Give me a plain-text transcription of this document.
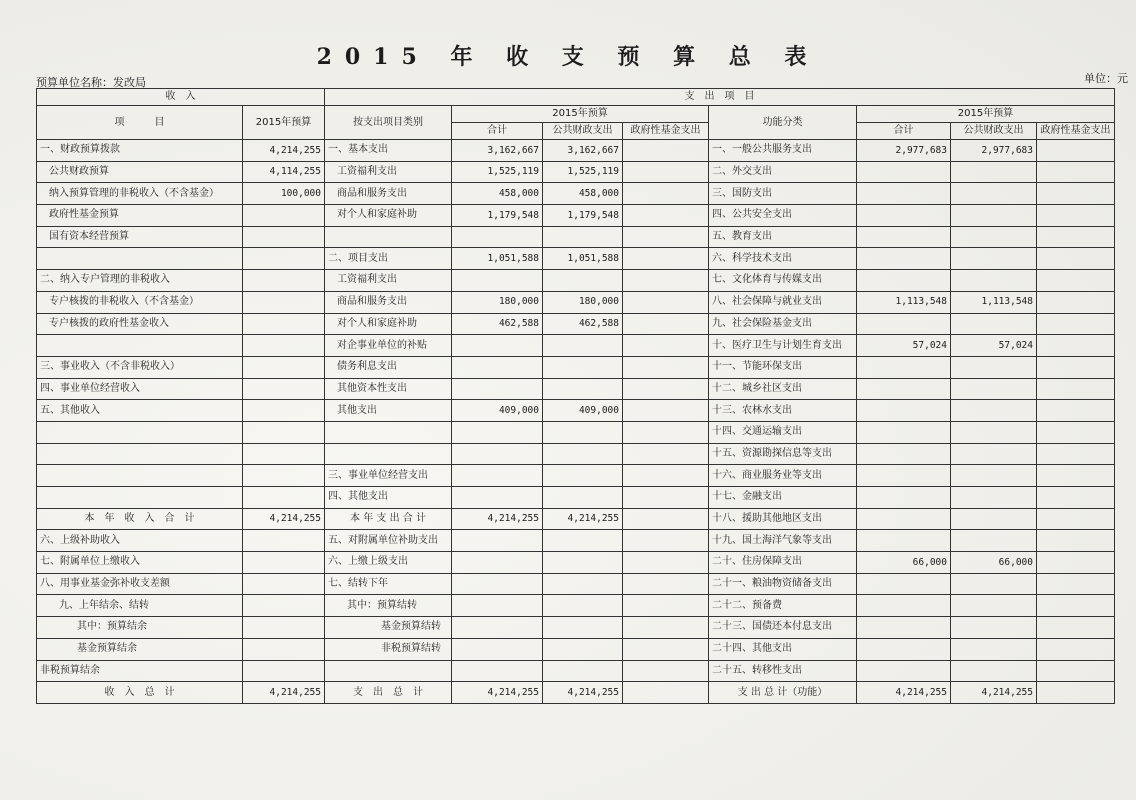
2015 年 收 支 预 算 总 表
预算单位名称：发改局	单位：元
收　入		支　出　项　目							
项　　　目	2015年预算	按支出项目类别	2015年预算			功能分类	2015年预算		
			合计	公共财政支出	政府性基金支出		合计	公共财政支出	政府性基金支出
一、财政预算拨款	4,214,255	一、基本支出	3,162,667	3,162,667		一、一般公共服务支出	2,977,683	2,977,683	
公共财政预算	4,114,255	工资福利支出	1,525,119	1,525,119		二、外交支出			
纳入预算管理的非税收入（不含基金）	100,000	商品和服务支出	458,000	458,000		三、国防支出			
政府性基金预算		对个人和家庭补助	1,179,548	1,179,548		四、公共安全支出			
国有资本经营预算						五、教育支出			
		二、项目支出	1,051,588	1,051,588		六、科学技术支出			
二、纳入专户管理的非税收入		工资福利支出				七、文化体育与传媒支出			
专户核拨的非税收入（不含基金）		商品和服务支出	180,000	180,000		八、社会保障与就业支出	1,113,548	1,113,548	
专户核拨的政府性基金收入		对个人和家庭补助	462,588	462,588		九、社会保险基金支出			
		对企事业单位的补贴				十、医疗卫生与计划生育支出	57,024	57,024	
三、事业收入（不含非税收入）		债务利息支出				十一、节能环保支出			
四、事业单位经营收入		其他资本性支出				十二、城乡社区支出			
五、其他收入		其他支出	409,000	409,000		十三、农林水支出			
						十四、交通运输支出			
						十五、资源勘探信息等支出			
		三、事业单位经营支出				十六、商业服务业等支出			
		四、其他支出				十七、金融支出			
本　年　收　入　合　计	4,214,255	本 年 支 出 合 计	4,214,255	4,214,255		十八、援助其他地区支出			
六、上级补助收入		五、对附属单位补助支出				十九、国土海洋气象等支出			
七、附属单位上缴收入		六、上缴上级支出				二十、住房保障支出	66,000	66,000	
八、用事业基金弥补收支差额		七、结转下年				二十一、粮油物资储备支出			
九、上年结余、结转		其中：预算结转				二十二、预备费			
其中：预算结余		基金预算结转				二十三、国债还本付息支出			
基金预算结余		非税预算结转				二十四、其他支出			
非税预算结余						二十五、转移性支出			
收　入　总　计	4,214,255	支　出　总　计	4,214,255	4,214,255		支 出 总 计（功能）	4,214,255	4,214,255	
